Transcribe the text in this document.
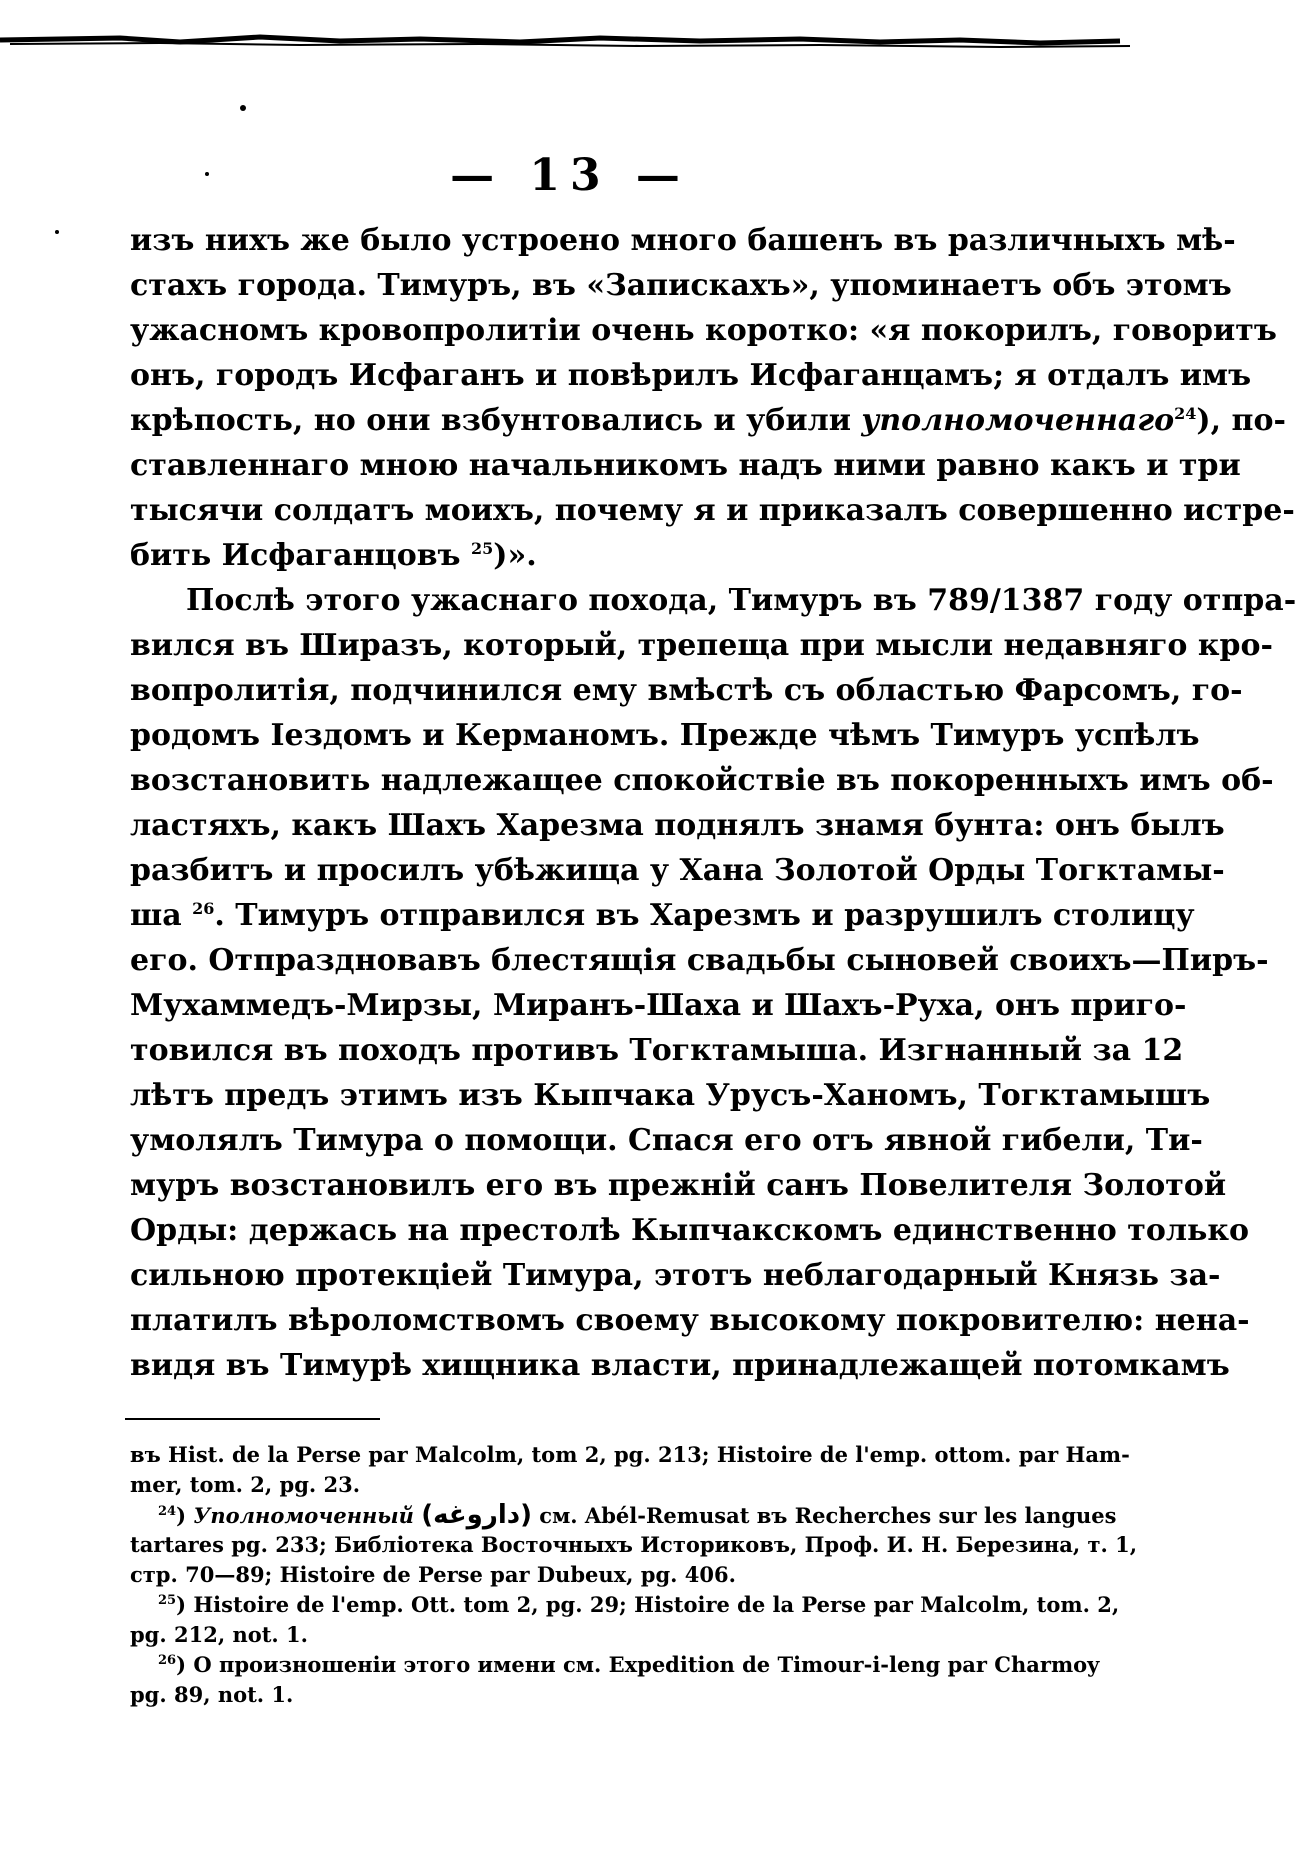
— 13 —
изъ нихъ же было устроено много башенъ въ различныхъ мѣ-
стахъ города. Тимуръ, въ «Запискахъ», упоминаетъ объ этомъ
ужасномъ кровопролитіи очень коротко: «я покорилъ, говоритъ
онъ, городъ Исфаганъ и повѣрилъ Исфаганцамъ; я отдалъ имъ
крѣпость, но они взбунтовались и убили уполномоченнаго$^{24}$), по-
ставленнаго мною начальникомъ надъ ними равно какъ и три
тысячи солдатъ моихъ, почему я и приказалъ совершенно истре-
бить Исфаганцовъ $^{25}$)».
Послѣ этого ужаснаго похода, Тимуръ въ 789/1387 году отпра-
вился въ Ширазъ, который, трепеща при мысли недавняго кро-
вопролитія, подчинился ему вмѣстѣ съ областью Фарсомъ, го-
родомъ Іездомъ и Керманомъ. Прежде чѣмъ Тимуръ успѣлъ
возстановить надлежащее спокойствіе въ покоренныхъ имъ об-
ластяхъ, какъ Шахъ Харезма поднялъ знамя бунта: онъ былъ
разбитъ и просилъ убѣжища у Хана Золотой Орды Тогктамы-
ша $^{26}$. Тимуръ отправился въ Харезмъ и разрушилъ столицу
его. Отпраздновавъ блестящія свадьбы сыновей своихъ—Пиръ-
Мухаммедъ-Мирзы, Миранъ-Шаха и Шахъ-Руха, онъ приго-
товился въ походъ противъ Тогктамыша. Изгнанный за 12
лѣтъ предъ этимъ изъ Кыпчака Урусъ-Ханомъ, Тогктамышъ
умолялъ Тимура о помощи. Спася его отъ явной гибели, Ти-
муръ возстановилъ его въ прежній санъ Повелителя Золотой
Орды: держась на престолѣ Кыпчакскомъ единственно только
сильною протекціей Тимура, этотъ неблагодарный Князь за-
платилъ вѣроломствомъ своему высокому покровителю: нена-
видя въ Тимурѣ хищника власти, принадлежащей потомкамъ
въ Hist. de la Perse par Malcolm, tom 2, pg. 213; Histoire de l'emp. ottom. par Ham-
mer, tom. 2, pg. 23.
$^{24}$) Уполномоченный (داروغه) см. Abél-Remusat въ Recherches sur les langues
tartares pg. 233; Библіотека Восточныхъ Историковъ, Проф. И. Н. Березина, т. 1,
стр. 70—89; Histoire de Perse par Dubeux, pg. 406.
$^{25}$) Histoire de l'emp. Ott. tom 2, pg. 29; Histoire de la Perse par Malcolm, tom. 2,
pg. 212, not. 1.
$^{26}$) О произношеніи этого имени см. Expedition de Timour-i-leng par Charmoy
pg. 89, not. 1.
